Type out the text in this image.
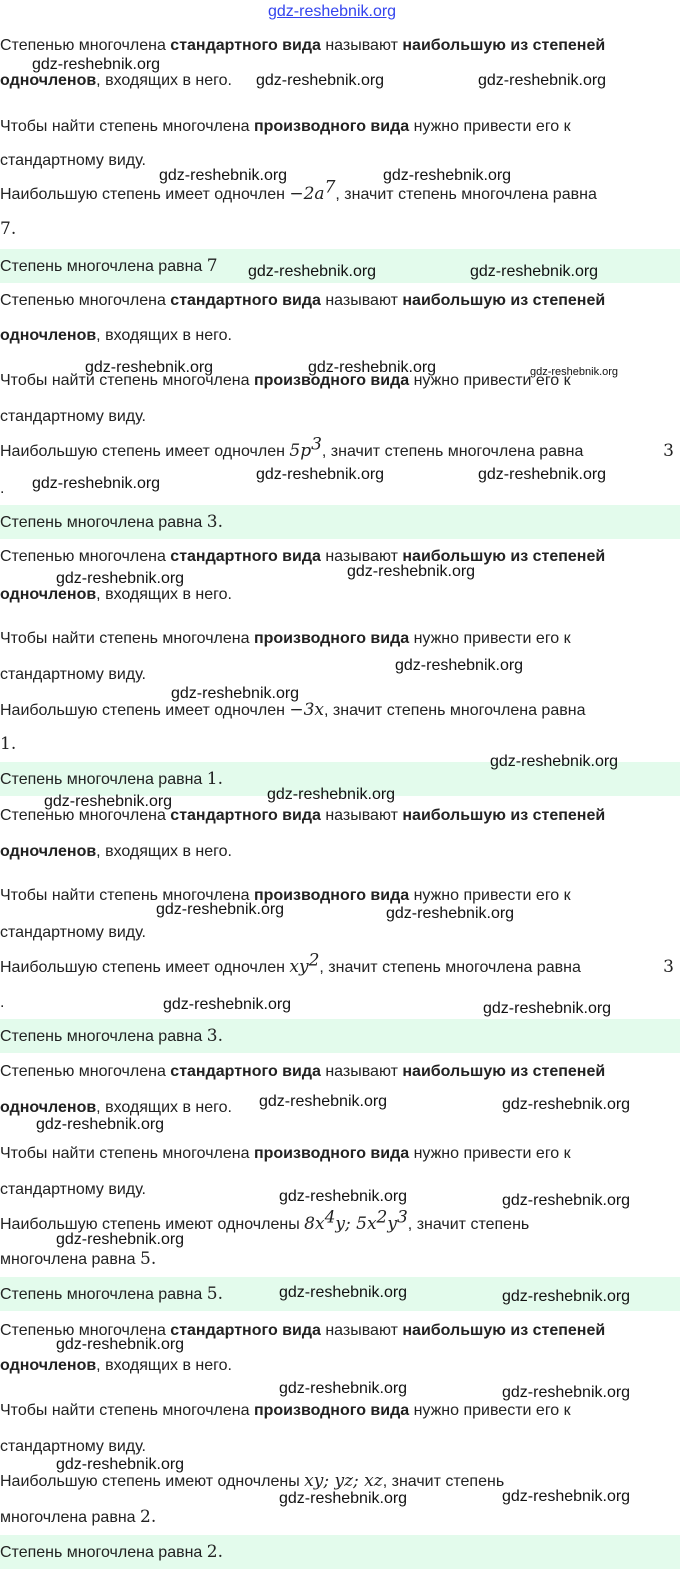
gdz-reshebnik.org
Степенью многочлена стандартного вида называют наибольшую из степеней
одночленов, входящих в него.
Чтобы найти степень многочлена производного вида нужно привести его к
стандартному виду.
Наибольшую степень имеет одночлен $-2a^7$, значит степень многочлена равна
7.
Степень многочлена равна 7
Степенью многочлена стандартного вида называют наибольшую из степеней
одночленов, входящих в него.
Чтобы найти степень многочлена производного вида нужно привести его к
стандартному виду.
Наибольшую степень имеет одночлен $5p^3$, значит степень многочлена равна	3
.
Степень многочлена равна 3.
Степенью многочлена стандартного вида называют наибольшую из степеней
одночленов, входящих в него.
Чтобы найти степень многочлена производного вида нужно привести его к
стандартному виду.
Наибольшую степень имеет одночлен −3x, значит степень многочлена равна
1.
Степень многочлена равна 1.
Степенью многочлена стандартного вида называют наибольшую из степеней
одночленов, входящих в него.
Чтобы найти степень многочлена производного вида нужно привести его к
стандартному виду.
Наибольшую степень имеет одночлен $xy^2$, значит степень многочлена равна	3
.
Степень многочлена равна 3.
Степенью многочлена стандартного вида называют наибольшую из степеней
одночленов, входящих в него.
Чтобы найти степень многочлена производного вида нужно привести его к
стандартному виду.
Наибольшую степень имеют одночлены $8x^4y$; $5x^2y^3$, значит степень
многочлена равна 5.
Степень многочлена равна 5.
Степенью многочлена стандартного вида называют наибольшую из степеней
одночленов, входящих в него.
Чтобы найти степень многочлена производного вида нужно привести его к
стандартному виду.
Наибольшую степень имеют одночлены xy; yz; xz, значит степень
многочлена равна 2.
Степень многочлена равна 2.
gdz-reshebnik.org
gdz-reshebnik.org	gdz-reshebnik.org
gdz-reshebnik.org	gdz-reshebnik.org
gdz-reshebnik.org	gdz-reshebnik.org
gdz-reshebnik.org	gdz-reshebnik.org	gdz-reshebnik.org
gdz-reshebnik.org	gdz-reshebnik.org
gdz-reshebnik.org
gdz-reshebnik.org
gdz-reshebnik.org
gdz-reshebnik.org
gdz-reshebnik.org
gdz-reshebnik.org
gdz-reshebnik.org
gdz-reshebnik.org
gdz-reshebnik.org	gdz-reshebnik.org
gdz-reshebnik.org	gdz-reshebnik.org
gdz-reshebnik.org	gdz-reshebnik.org
gdz-reshebnik.org
gdz-reshebnik.org	gdz-reshebnik.org
gdz-reshebnik.org
gdz-reshebnik.org	gdz-reshebnik.org
gdz-reshebnik.org
gdz-reshebnik.org	gdz-reshebnik.org
gdz-reshebnik.org
gdz-reshebnik.org	gdz-reshebnik.org
